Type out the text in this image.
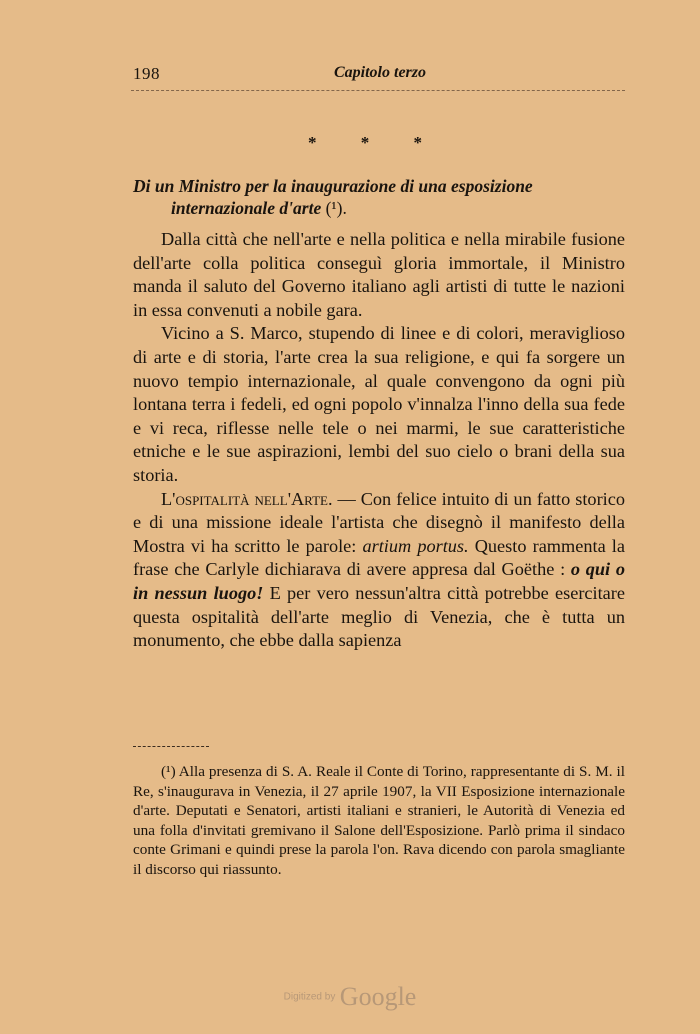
198	Capitolo terzo
* * *
Di un Ministro per la inaugurazione di una esposizione
internazionale d'arte (¹).

Dalla città che nell'arte e nella politica e nella mirabile fusione dell'arte colla politica conseguì gloria immortale, il Ministro manda il saluto del Governo italiano agli artisti di tutte le nazioni in essa convenuti a nobile gara.

Vicino a S. Marco, stupendo di linee e di colori, meraviglioso di arte e di storia, l'arte crea la sua religione, e qui fa sorgere un nuovo tempio internazionale, al quale convengono da ogni più lontana terra i fedeli, ed ogni popolo v'innalza l'inno della sua fede e vi reca, riflesse nelle tele o nei marmi, le sue caratteristiche etniche e le sue aspirazioni, lembi del suo cielo o brani della sua storia.

L'ospitalità nell'Arte. — Con felice intuito di un fatto storico e di una missione ideale l'artista che disegnò il manifesto della Mostra vi ha scritto le parole: artium portus. Questo rammenta la frase che Carlyle dichiarava di avere appresa dal Goëthe : o qui o in nessun luogo! E per vero nessun'altra città potrebbe esercitare questa ospitalità dell'arte meglio di Venezia, che è tutta un monumento, che ebbe dalla sapienza

(¹) Alla presenza di S. A. Reale il Conte di Torino, rappresentante di S. M. il Re, s'inaugurava in Venezia, il 27 aprile 1907, la VII Esposizione internazionale d'arte. Deputati e Senatori, artisti italiani e stranieri, le Autorità di Venezia ed una folla d'invitati gremivano il Salone dell'Esposizione. Parlò prima il sindaco conte Grimani e quindi prese la parola l'on. Rava dicendo con parola smagliante il discorso qui riassunto.

Digitized by Google
